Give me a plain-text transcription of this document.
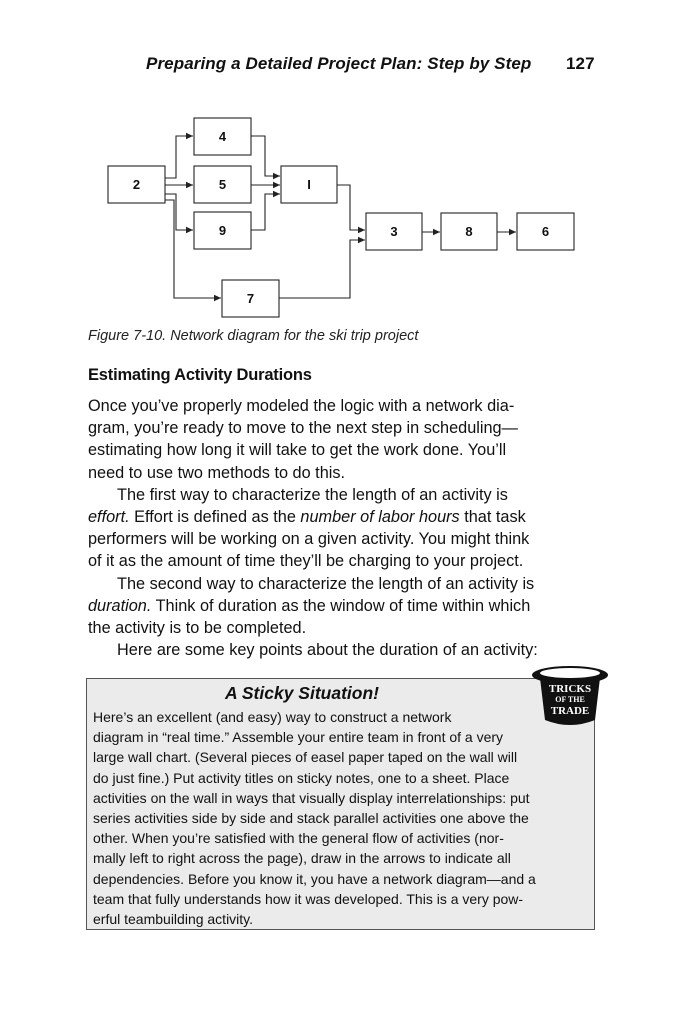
Preparing a Detailed Project Plan: Step by Step 127
2
4
5
9
I
3	8	6
7
Figure 7-10. Network diagram for the ski trip project
Estimating Activity Durations
Once you’ve properly modeled the logic with a network dia-
gram, you’re ready to move to the next step in scheduling—
estimating how long it will take to get the work done. You’ll
need to use two methods to do this.
The first way to characterize the length of an activity is
effort. Effort is defined as the number of labor hours that task
performers will be working on a given activity. You might think
of it as the amount of time they’ll be charging to your project.
The second way to characterize the length of an activity is
duration. Think of duration as the window of time within which
the activity is to be completed.
Here are some key points about the duration of an activity:
A Sticky Situation!
Here’s an excellent (and easy) way to construct a network
diagram in “real time.” Assemble your entire team in front of a very
large wall chart. (Several pieces of easel paper taped on the wall will
do just fine.) Put activity titles on sticky notes, one to a sheet. Place
activities on the wall in ways that visually display interrelationships: put
series activities side by side and stack parallel activities one above the
other. When you’re satisfied with the general flow of activities (nor-
mally left to right across the page), draw in the arrows to indicate all
dependencies. Before you know it, you have a network diagram—and a
team that fully understands how it was developed. This is a very pow-
erful teambuilding activity.
TRICKS
OF THE
TRADE
